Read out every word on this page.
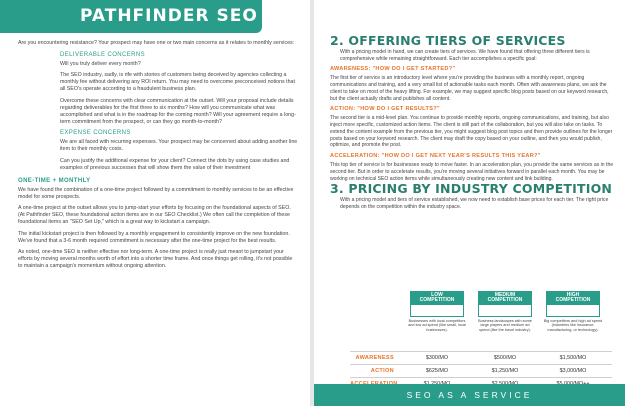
PATHFINDER SEO

Are you encountering resistance? Your prospect may have one or two main concerns as it relates to monthly services:

DELIVERABLE CONCERNS

Will you truly deliver every month?

The SEO industry, sadly, is rife with stories of customers being deceived by agencies collecting a monthly fee without delivering any ROI return. You may need to overcome preconceived notions that all SEO's operate according to a fraudulent business plan.

Overcome these concerns with clear communication at the outset. Will your proposal include details regarding deliverables for the first three to six months? How will you communicate what was accomplished and what is in the roadmap for the coming month? Will your agreement require a long- term commitment from the prospect, or can they go month-to-month?

EXPENSE CONCERNS

We are all faced with recurring expenses. Your prospect may be concerned about adding another line item to their monthly costs.

Can you justify the additional expense for your client? Connect the dots by using case studies and examples of previous successes that will show them the value of their investment

ONE-TIME + MONTHLY

We have found the combination of a one-time project followed by a commitment to monthly services to be an effective model for some prospects.

A one-time project at the outset allows you to jump-start your efforts by focusing on the foundational aspects of SEO. (At Pathfinder SEO, these foundational action items are in our SEO Checklist.) We often call the completion of these foundational items an "SEO Set Up," which is a great way to kickstart a campaign.

The initial kickstart project is then followed by a monthly engagement to consistently improve on the new foundation. We've found that a 3-6 month required commitment is necessary after the one-time project for the best results.

As noted, one-time SEO is neither effective nor long-term. A one-time project is really just meant to jumpstart your efforts by moving several months worth of effort into a shorter time frame. And once things get rolling, it's not possible to maintain a campaign's momentum without ongoing attention.

2. OFFERING TIERS OF SERVICES

With a pricing model in hand, we can create tiers of services. We have found that offering three different tiers is comprehensive while remaining straightforward. Each tier accomplishes a specific goal:

AWARENESS: "HOW DO I GET STARTED?"

The first tier of service is an introductory level where you're providing the business with a monthly report, ongoing communications and training, and a very small list of actionable tasks each month. Often with awareness plans, we ask the client to take on most of the heavy lifting. For example, we may suggest specific blog posts based on our keyword research, but the client actually drafts and publishes all content.

ACTION: "HOW DO I GET RESULTS?"

The second tier is a mid-level plan. You continue to provide monthly reports, ongoing communications, and training, but also inject more specific, customized action items. The client is still part of the collaboration, but you will also take on tasks. To extend the content example from the previous tier, you might suggest blog post topics and then provide outlines for the longer posts based on your keyword research. The client may draft the copy based on your outline, and then you would publish, optimize, and promote the post.

ACCELERATION: "HOW DO I GET NEXT YEAR'S RESULTS THIS YEAR?"

This top tier of service is for businesses ready to move faster. In an acceleration plan, you provide the same services as in the second tier. But in order to accelerate results, you're moving several initiatives forward in parallel each month. You may be working on technical SEO action items while simultaneously creating new content and link building.

3. PRICING BY INDUSTRY COMPETITION

With a pricing model and tiers of service established, we now need to establish base prices for each tier. The right price depends on the competition within the industry space.

LOW
COMPETITION
MEDIUM
COMPETITION
HIGH
COMPETITION
Businesses with local competitors and low ad spend (like small, local businesses).
Business landscapes with some large players and medium ad spend (like the travel industry).
Big competitors and high ad spend (industries like insurance, manufacturing, or technology).
AWARENESS	$300/MO	$500/MO	$1,500/MO
ACTION	$625/MO	$1,250/MO	$3,000/MO
SEO AS A SERVICE
